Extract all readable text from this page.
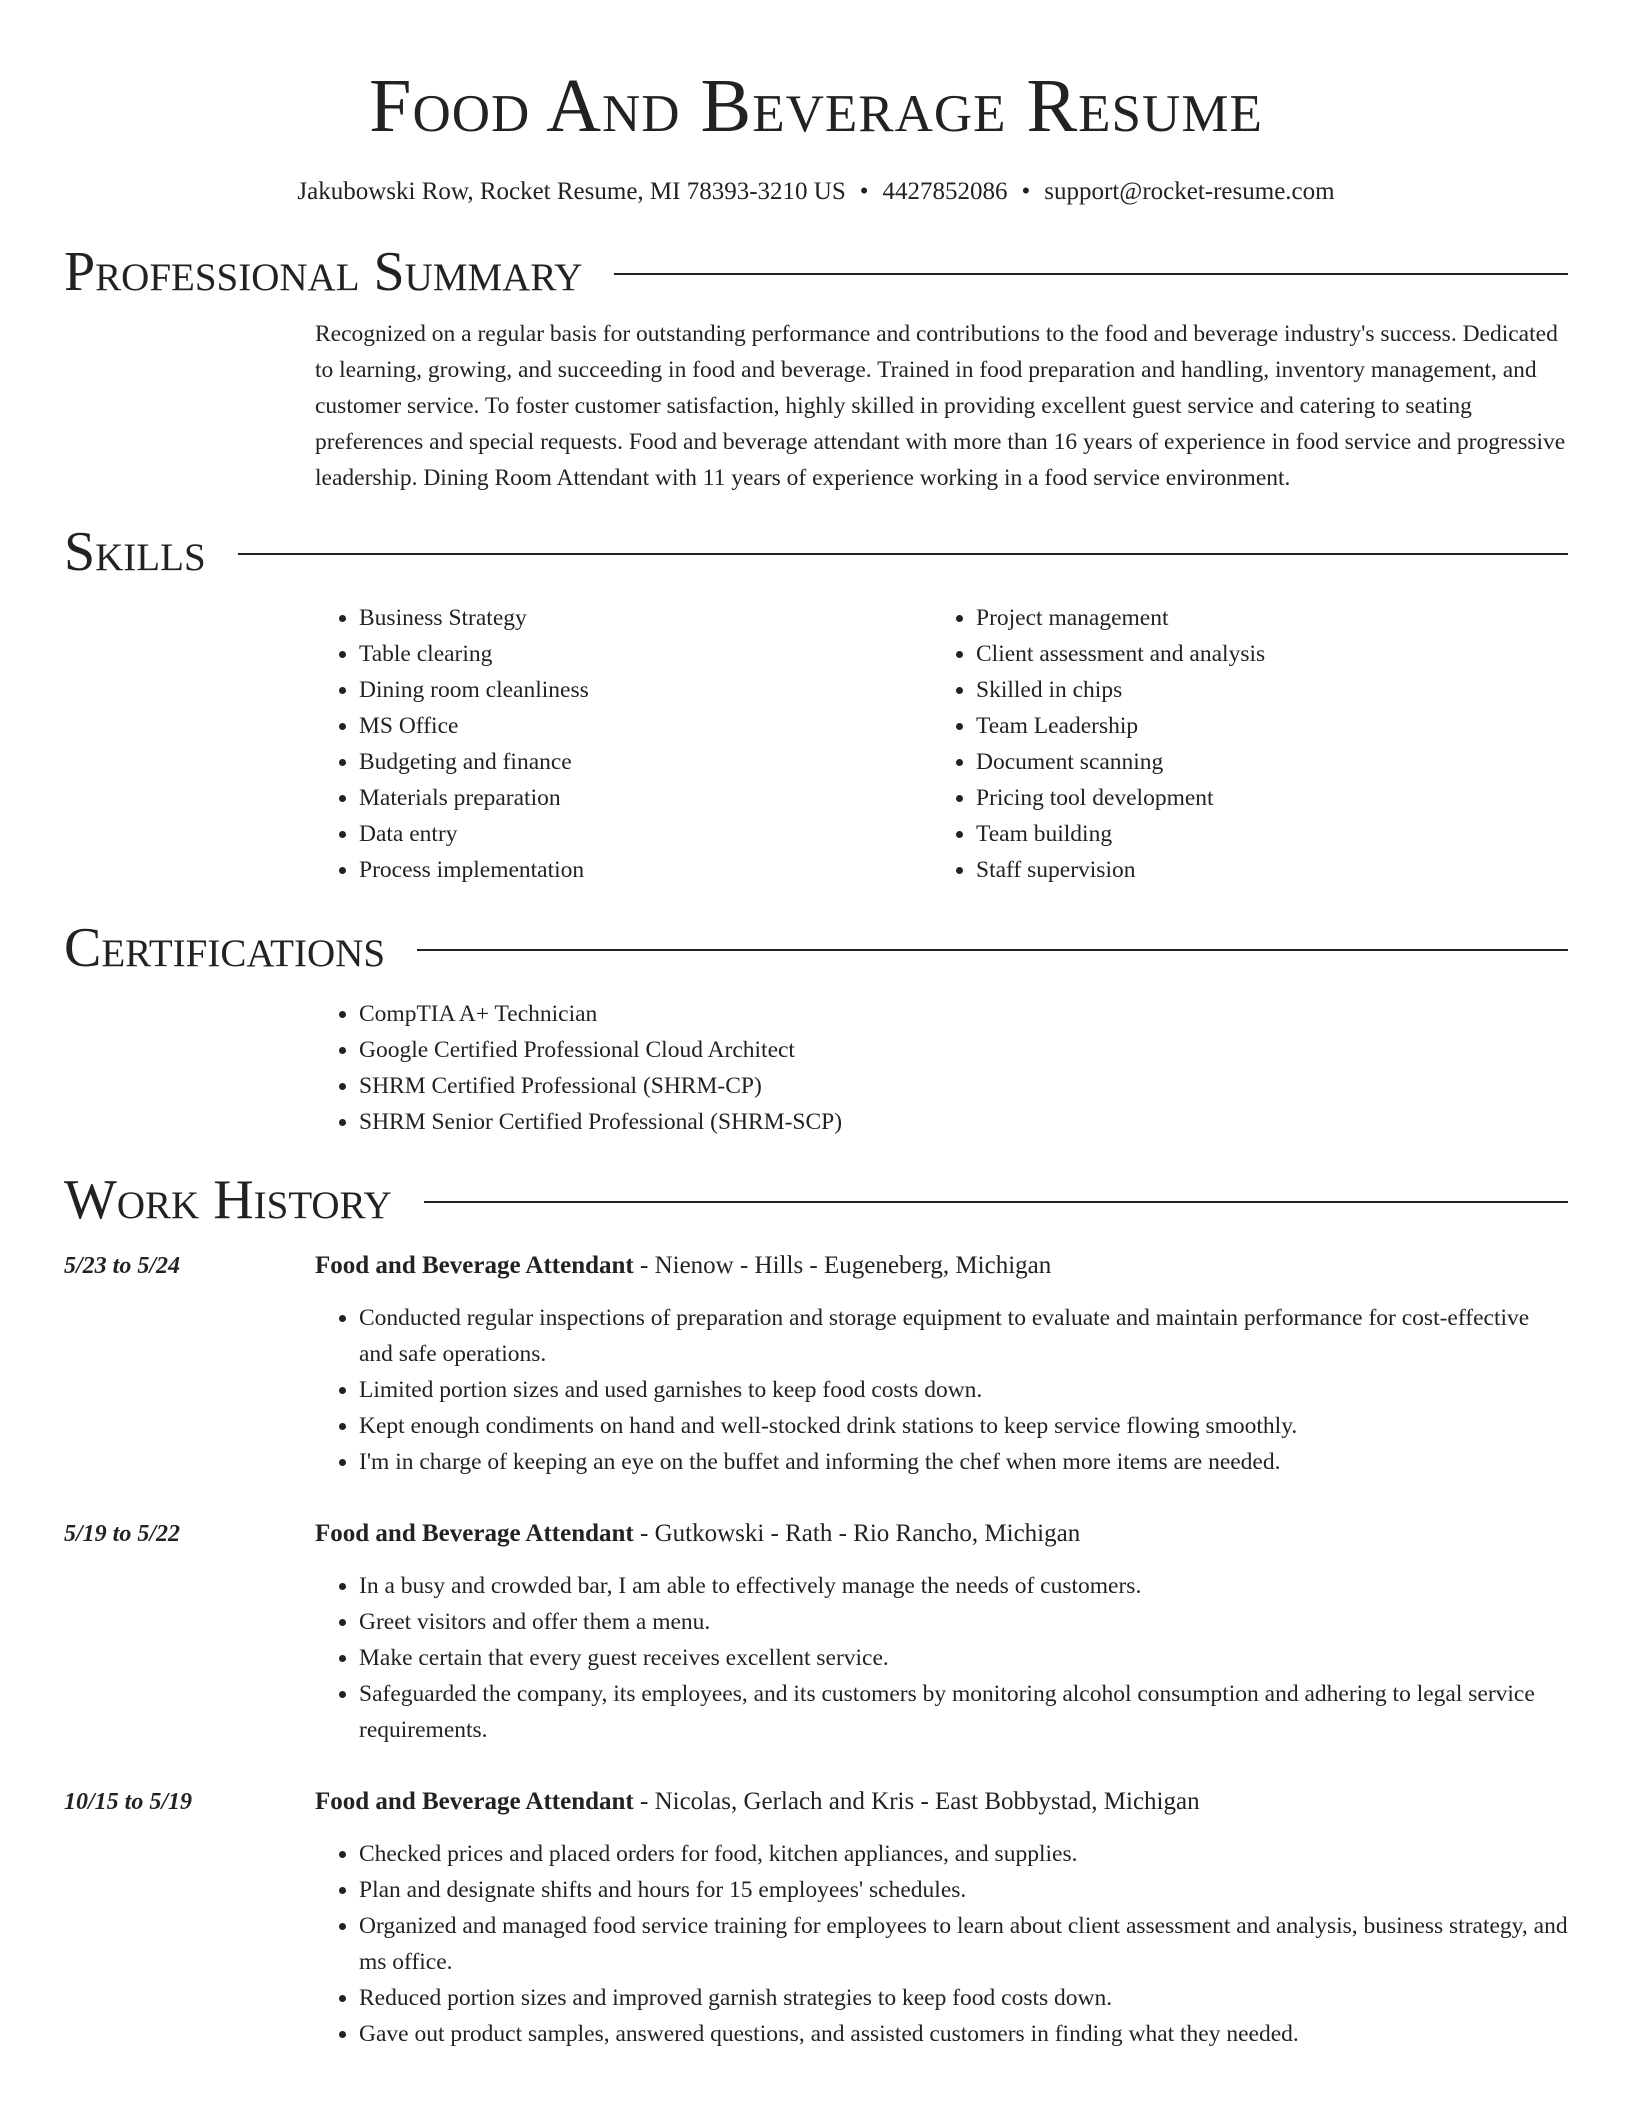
Food And Beverage Resume
Jakubowski Row, Rocket Resume, MI 78393-3210 US • 4427852086 • support@rocket-resume.com
Professional Summary

Recognized on a regular basis for outstanding performance and contributions to the food and beverage industry's success. Dedicated to learning, growing, and succeeding in food and beverage. Trained in food preparation and handling, inventory management, and customer service. To foster customer satisfaction, highly skilled in providing excellent guest service and catering to seating preferences and special requests. Food and beverage attendant with more than 16 years of experience in food service and progressive leadership. Dining Room Attendant with 11 years of experience working in a food service environment.

Skills
• Business Strategy
• Table clearing
• Dining room cleanliness
• MS Office
• Budgeting and finance
• Materials preparation
• Data entry
• Process implementation
• Project management
• Client assessment and analysis
• Skilled in chips
• Team Leadership
• Document scanning
• Pricing tool development
• Team building
• Staff supervision
Certifications
• CompTIA A+ Technician
• Google Certified Professional Cloud Architect
• SHRM Certified Professional (SHRM-CP)
• SHRM Senior Certified Professional (SHRM-SCP)
Work History
5/23 to 5/24	Food and Beverage Attendant - Nienow - Hills - Eugeneberg, Michigan
• Conducted regular inspections of preparation and storage equipment to evaluate and maintain performance for cost-effective and safe operations.
• Limited portion sizes and used garnishes to keep food costs down.
• Kept enough condiments on hand and well-stocked drink stations to keep service flowing smoothly.
• I'm in charge of keeping an eye on the buffet and informing the chef when more items are needed.
5/19 to 5/22	Food and Beverage Attendant - Gutkowski - Rath - Rio Rancho, Michigan
• In a busy and crowded bar, I am able to effectively manage the needs of customers.
• Greet visitors and offer them a menu.
• Make certain that every guest receives excellent service.
• Safeguarded the company, its employees, and its customers by monitoring alcohol consumption and adhering to legal service requirements.
10/15 to 5/19	Food and Beverage Attendant - Nicolas, Gerlach and Kris - East Bobbystad, Michigan
• Checked prices and placed orders for food, kitchen appliances, and supplies.
• Plan and designate shifts and hours for 15 employees' schedules.
• Organized and managed food service training for employees to learn about client assessment and analysis, business strategy, and ms office.
• Reduced portion sizes and improved garnish strategies to keep food costs down.
• Gave out product samples, answered questions, and assisted customers in finding what they needed.
